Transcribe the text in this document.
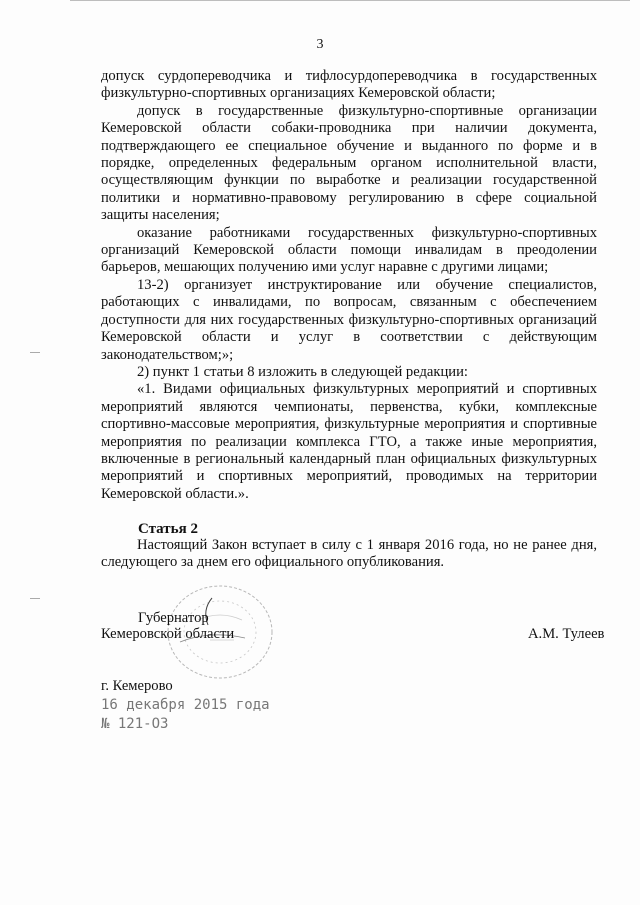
3

допуск сурдопереводчика и тифлосурдопереводчика в государственных физкультурно-спортивных организациях Кемеровской области;

допуск в государственные физкультурно-спортивные организации Кемеровской области собаки-проводника при наличии документа, подтверждающего ее специальное обучение и выданного по форме и в порядке, определенных федеральным органом исполнительной власти, осуществляющим функции по выработке и реализации государственной политики и нормативно-правовому регулированию в сфере социальной защиты населения;

оказание работниками государственных физкультурно-спортивных организаций Кемеровской области помощи инвалидам в преодолении барьеров, мешающих получению ими услуг наравне с другими лицами;

13-2) организует инструктирование или обучение специалистов, работающих с инвалидами, по вопросам, связанным с обеспечением доступности для них государственных физкультурно-спортивных организаций Кемеровской области и услуг в соответствии с действующим законодательством;»;

2) пункт 1 статьи 8 изложить в следующей редакции:

«1. Видами официальных физкультурных мероприятий и спортивных мероприятий являются чемпионаты, первенства, кубки, комплексные спортивно-массовые мероприятия, физкультурные мероприятия и спортивные мероприятия по реализации комплекса ГТО, а также иные мероприятия, включенные в региональный календарный план официальных физкультурных мероприятий и спортивных мероприятий, проводимых на территории Кемеровской области.».

Статья 2

Настоящий Закон вступает в силу с 1 января 2016 года, но не ранее дня, следующего за днем его официального опубликования.

Губернатор
Кемеровской области	А.М. Тулеев
г. Кемерово
16 декабря 2015 года
№ 121-ОЗ
